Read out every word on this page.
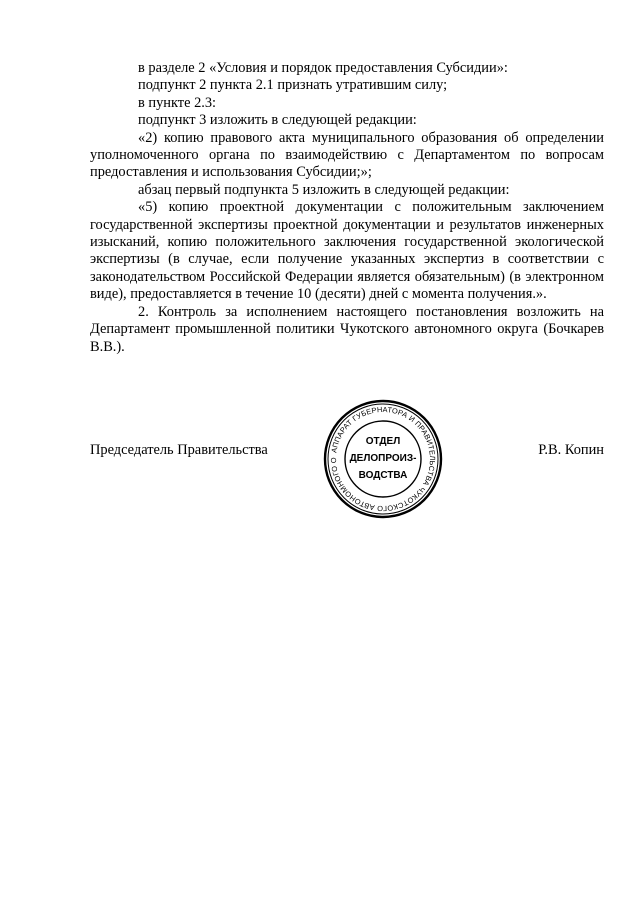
в разделе 2 «Условия и порядок предоставления Субсидии»:

подпункт 2 пункта 2.1 признать утратившим силу;

в пункте 2.3:

подпункт 3 изложить в следующей редакции:

«2) копию правового акта муниципального образования об определении уполномоченного органа по взаимодействию с Департаментом по вопросам предоставления и использования Субсидии;»;

абзац первый подпункта 5 изложить в следующей редакции:

«5) копию проектной документации с положительным заключением государственной экспертизы проектной документации и результатов инженерных изысканий, копию положительного заключения государственной экологической экспертизы (в случае, если получение указанных экспертиз в соответствии с законодательством Российской Федерации является обязательным) (в электронном виде), предоставляется в течение 10 (десяти) дней с момента получения.».

2. Контроль за исполнением настоящего постановления возложить на Департамент промышленной политики Чукотского автономного округа (Бочкарев В.В.).

Председатель Правительства	Р.В. Копин
АППАРАТ ГУБЕРНАТОРА И ПРАВИТЕЛЬСТВА ЧУКОТСКОГО АВТОНОМНОГО О
ОТДЕЛ
ДЕЛОПРОИЗ-
ВОДСТВА
